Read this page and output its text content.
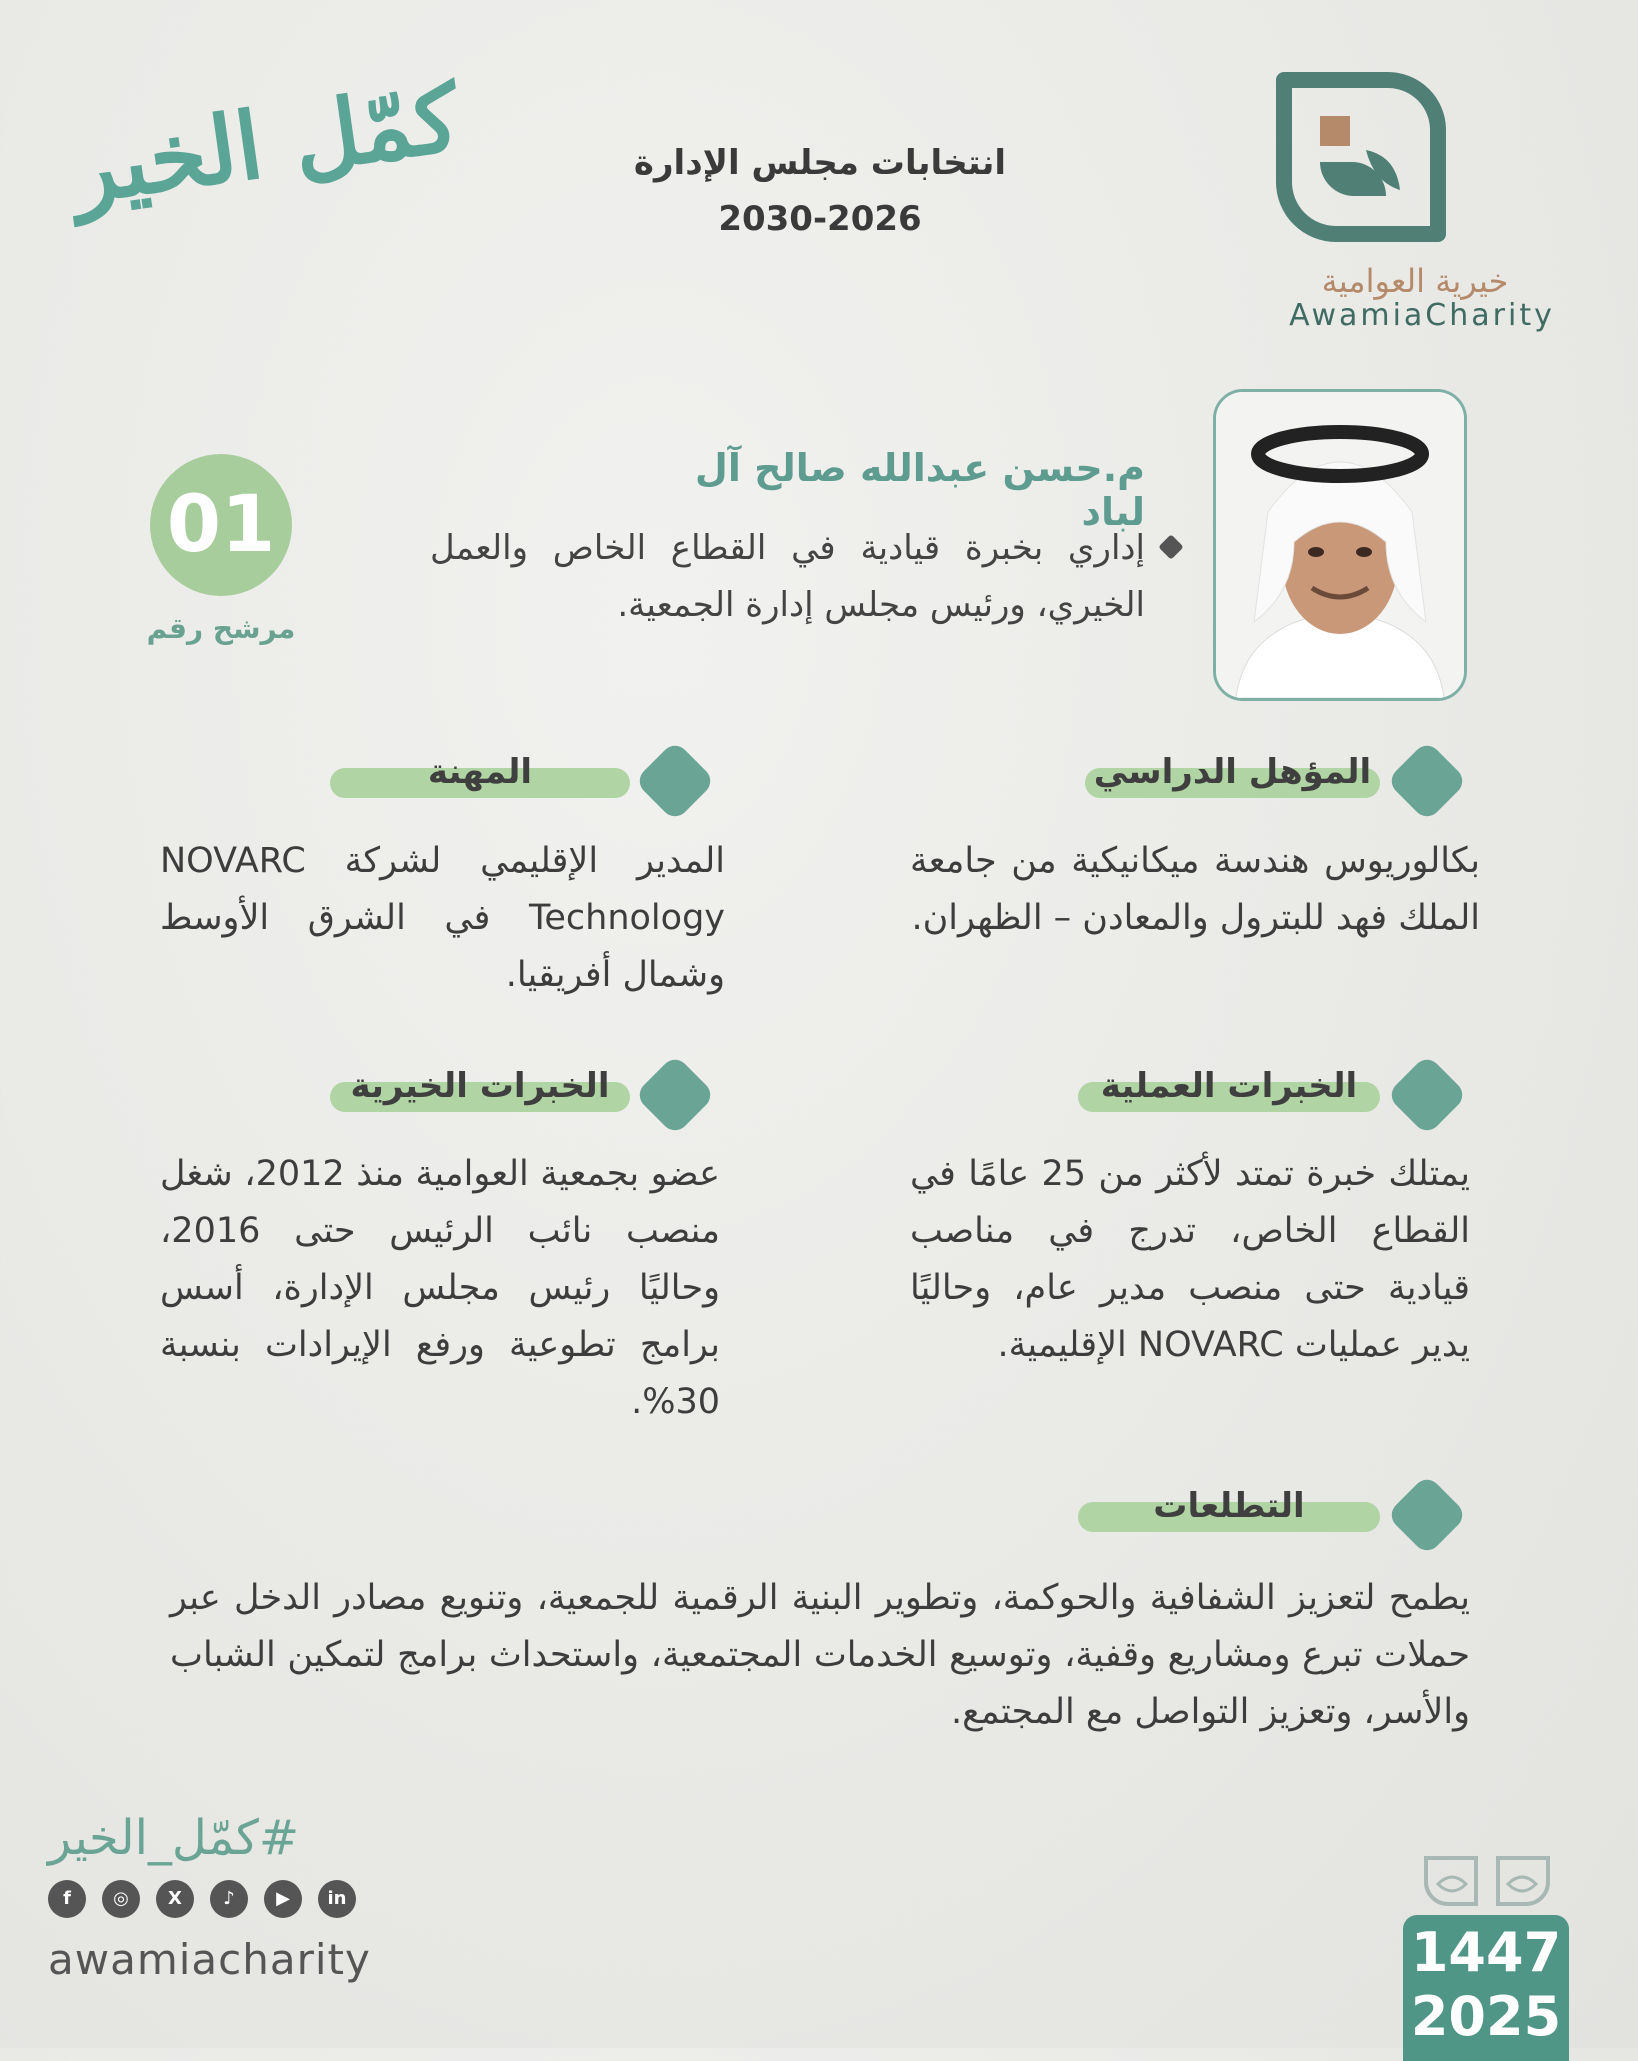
كمّل الخير	انتخابات مجلس الإدارة
2030-2026
خيرية العوامية
AwamiaCharity
م.حسن عبدالله صالح آل لباد
إداري بخبرة قيادية في القطاع الخاص والعمل الخيري، ورئيس مجلس إدارة الجمعية.
01
مرشح رقم
المؤهل الدراسي
بكالوريوس هندسة ميكانيكية من جامعة الملك فهد للبترول والمعادن – الظهران.
المهنة
المدير الإقليمي لشركة NOVARC Technology في الشرق الأوسط وشمال أفريقيا.
الخبرات العملية
يمتلك خبرة تمتد لأكثر من 25 عامًا في القطاع الخاص، تدرج في مناصب قيادية حتى منصب مدير عام، وحاليًا يدير عمليات NOVARC الإقليمية.
الخبرات الخيرية
عضو بجمعية العوامية منذ 2012، شغل منصب نائب الرئيس حتى 2016، وحاليًا رئيس مجلس الإدارة، أسس برامج تطوعية ورفع الإيرادات بنسبة 30%.
التطلعات
يطمح لتعزيز الشفافية والحوكمة، وتطوير البنية الرقمية للجمعية، وتنويع مصادر الدخل عبر حملات تبرع ومشاريع وقفية، وتوسيع الخدمات المجتمعية، واستحداث برامج لتمكين الشباب والأسر، وتعزيز التواصل مع المجتمع.
#كمّل_الخير
f	◎	X	♪	▶	in
awamiacharity	1447
2025
